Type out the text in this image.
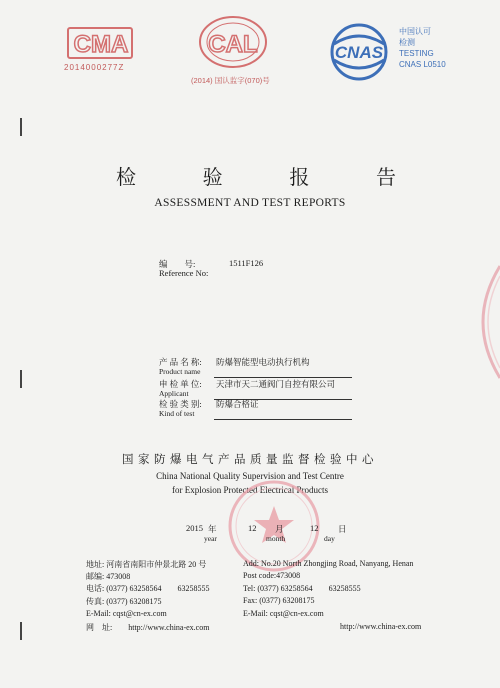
CMA
2014000277Z
CAL
(2014) 国认监字(070)号
CNAS
中国认可
检测
TESTING
CNAS L0510
检	验	报	告
ASSESSMENT AND TEST REPORTS
编　　号:	1511F126
Reference No:
产 品 名 称: 防爆智能型电动执行机构
Product name
申 检 单 位: 天津市天二通阀门自控有限公司
Applicant
检 验 类 别: 防爆合格证
Kind of test
国家防爆电气产品质量监督检验中心
China National Quality Supervision and Test Centre
for Explosion Protected Electrical Products
2015 年
year
12 月
month
12 日
day
地址: 河南省南阳市仲景北路 20 号
邮编: 473008
电话: (0377) 63258564　　63258555
传真: (0377) 63208175
E-Mail: cqst@cn-ex.com
网　址:　　http://www.china-ex.com
Add: No.20 North Zhongjing Road, Nanyang, Henan
Post code:473008
Tel: (0377) 63258564　　63258555
Fax: (0377) 63208175
E-Mail: cqst@cn-ex.com
http://www.china-ex.com
